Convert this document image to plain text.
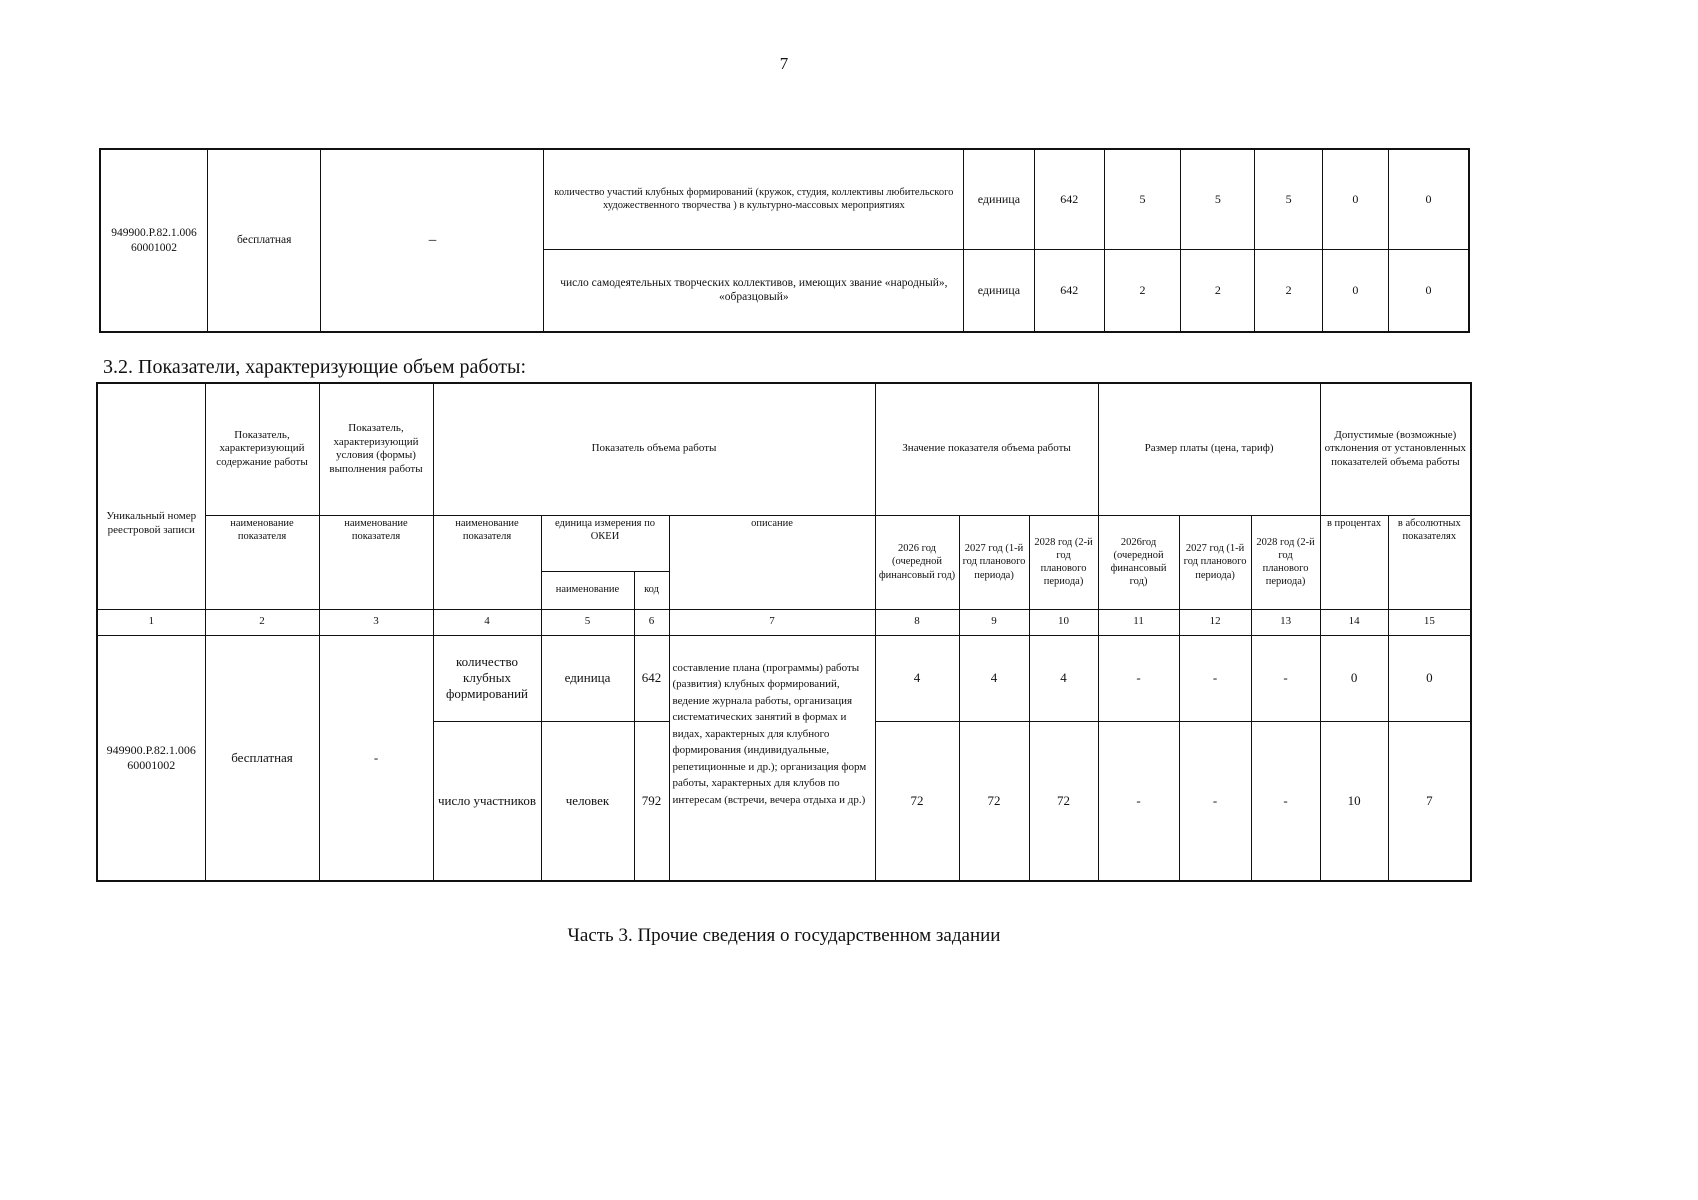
7
949900.Р.82.1.006 60001002	бесплатная	–	количество участий клубных формирований (кружок, студия, коллективы любительского художественного творчества ) в культурно-массовых мероприятиях	единица	642	5	5	5	0	0
			число самодеятельных творческих коллективов, имеющих звание «народный», «образцовый»	единица	642	2	2	2	0	0
3.2. Показатели, характеризующие объем работы:
Уникальный номер реестровой записи	Показатель, характеризующий содержание работы	Показатель, характеризующий условия (формы) выполнения работы	Показатель объема работы				Значение показателя объема работы			Размер платы (цена, тариф)			Допустимые (возможные) отклонения от установленных показателей объема работы	
	наименование показателя	наименование показателя	наименование показателя	единица измерения по ОКЕИ		описание	2026 год (очередной финансовый год)	2027 год (1-й год планового периода)	2028 год (2-й год планового периода)	2026год (очередной финансовый год)	2027 год (1-й год планового периода)	2028 год (2-й год планового периода)	в процентах	в абсолютных показателях
				наименование	код									
1	2	3	4	5	6	7	8	9	10	11	12	13	14	15
949900.Р.82.1.006 60001002	бесплатная	-	количество клубных формирований	единица	642	составление плана (программы) работы (развития) клубных формирований, ведение журнала работы, организация систематических занятий в формах и видах, характерных для клубного формирования (индивидуальные, репетиционные и др.); организация форм работы, характерных для клубов по интересам (встречи, вечера отдыха и др.)	4	4	4	-	-	-	0	0
			число участников	человек	792		72	72	72	-	-	-	10	7
Часть 3. Прочие сведения о государственном задании
